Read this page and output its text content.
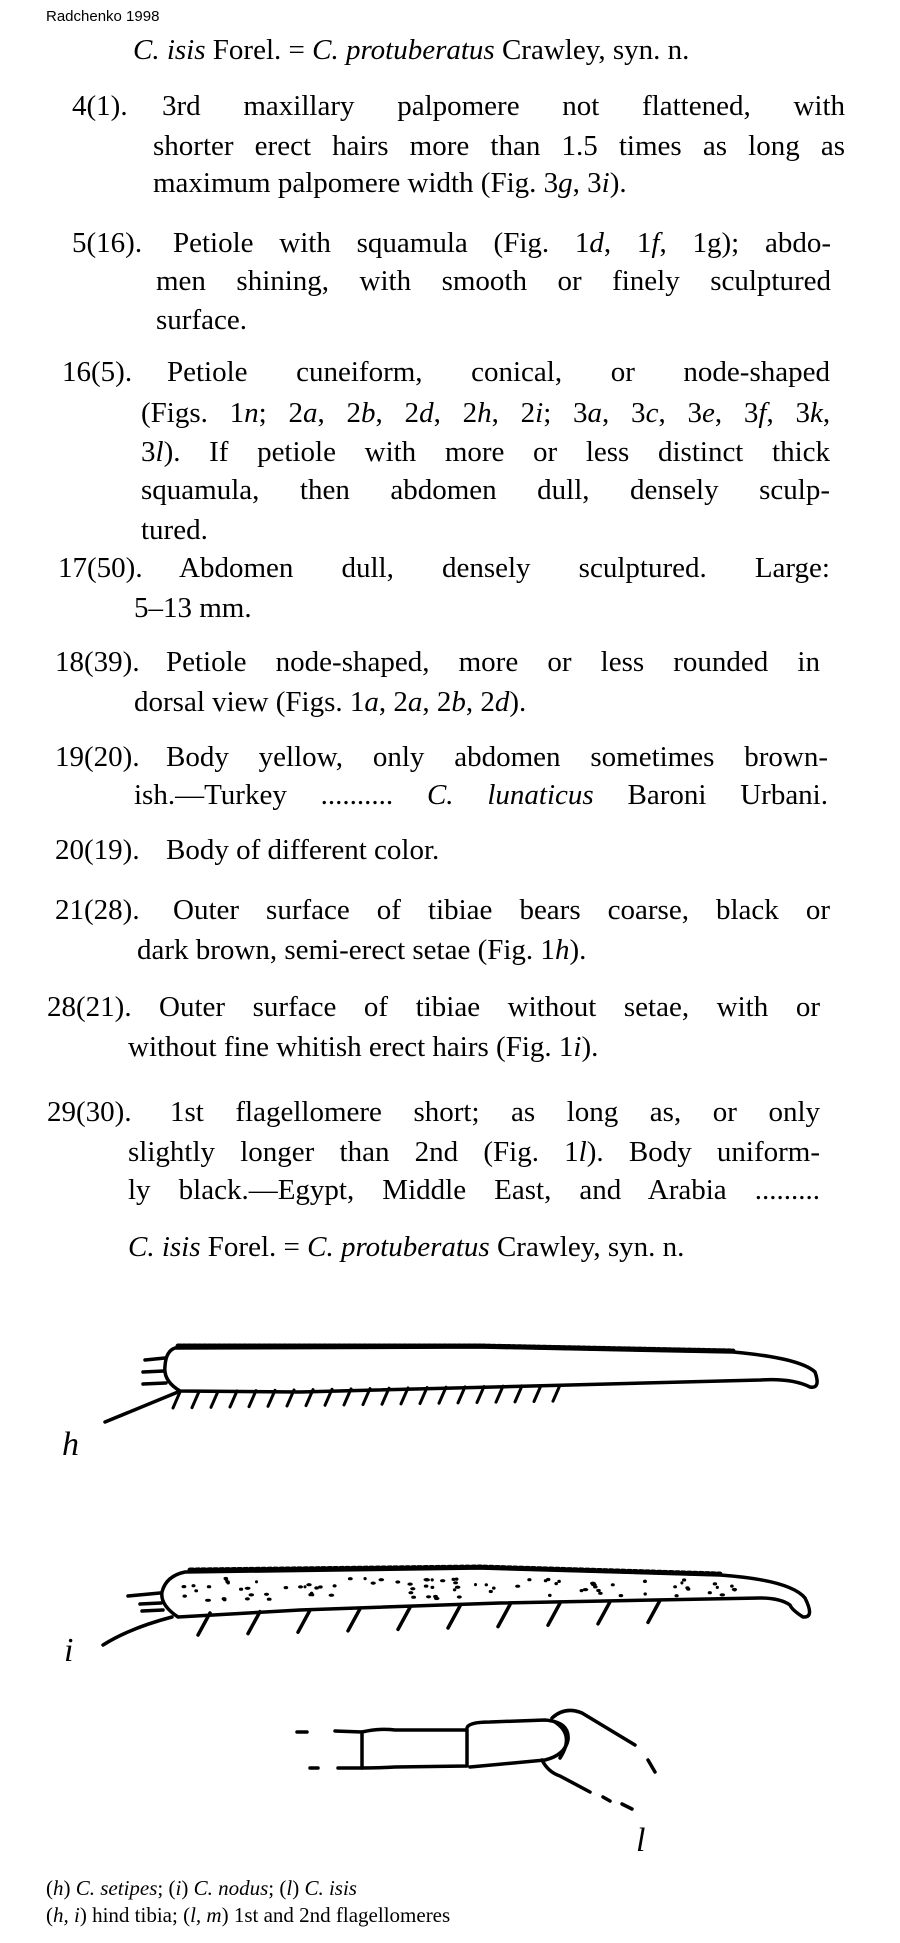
Radchenko 1998
C. isis Forel. = C. protuberatus Crawley, syn. n.
4(1). 3rd maxillary palpomere not flattened, with
shorter erect hairs more than 1.5 times as long as
maximum palpomere width (Fig. 3g, 3i).
5(16). Petiole with squamula (Fig. 1d, 1f, 1g); abdo-
men shining, with smooth or finely sculptured
surface.
16(5). Petiole cuneiform, conical, or node-shaped
(Figs. 1n; 2a, 2b, 2d, 2h, 2i; 3a, 3c, 3e, 3f, 3k,
3l). If petiole with more or less distinct thick
squamula, then abdomen dull, densely sculp-
tured.
17(50). Abdomen dull, densely sculptured. Large:
5–13 mm.
18(39). Petiole node-shaped, more or less rounded in
dorsal view (Figs. 1a, 2a, 2b, 2d).
19(20). Body yellow, only abdomen sometimes brown-
ish.—Turkey .......... C. lunaticus Baroni Urbani.
20(19). Body of different color.
21(28). Outer surface of tibiae bears coarse, black or
dark brown, semi-erect setae (Fig. 1h).
28(21). Outer surface of tibiae without setae, with or
without fine whitish erect hairs (Fig. 1i).
29(30). 1st flagellomere short; as long as, or only
slightly longer than 2nd (Fig. 1l). Body uniform-
ly black.—Egypt, Middle East, and Arabia .........
C. isis Forel. = C. protuberatus Crawley, syn. n.
h
i
l
(h) C. setipes; (i) C. nodus; (l) C. isis
(h, i) hind tibia; (l, m) 1st and 2nd flagellomeres
